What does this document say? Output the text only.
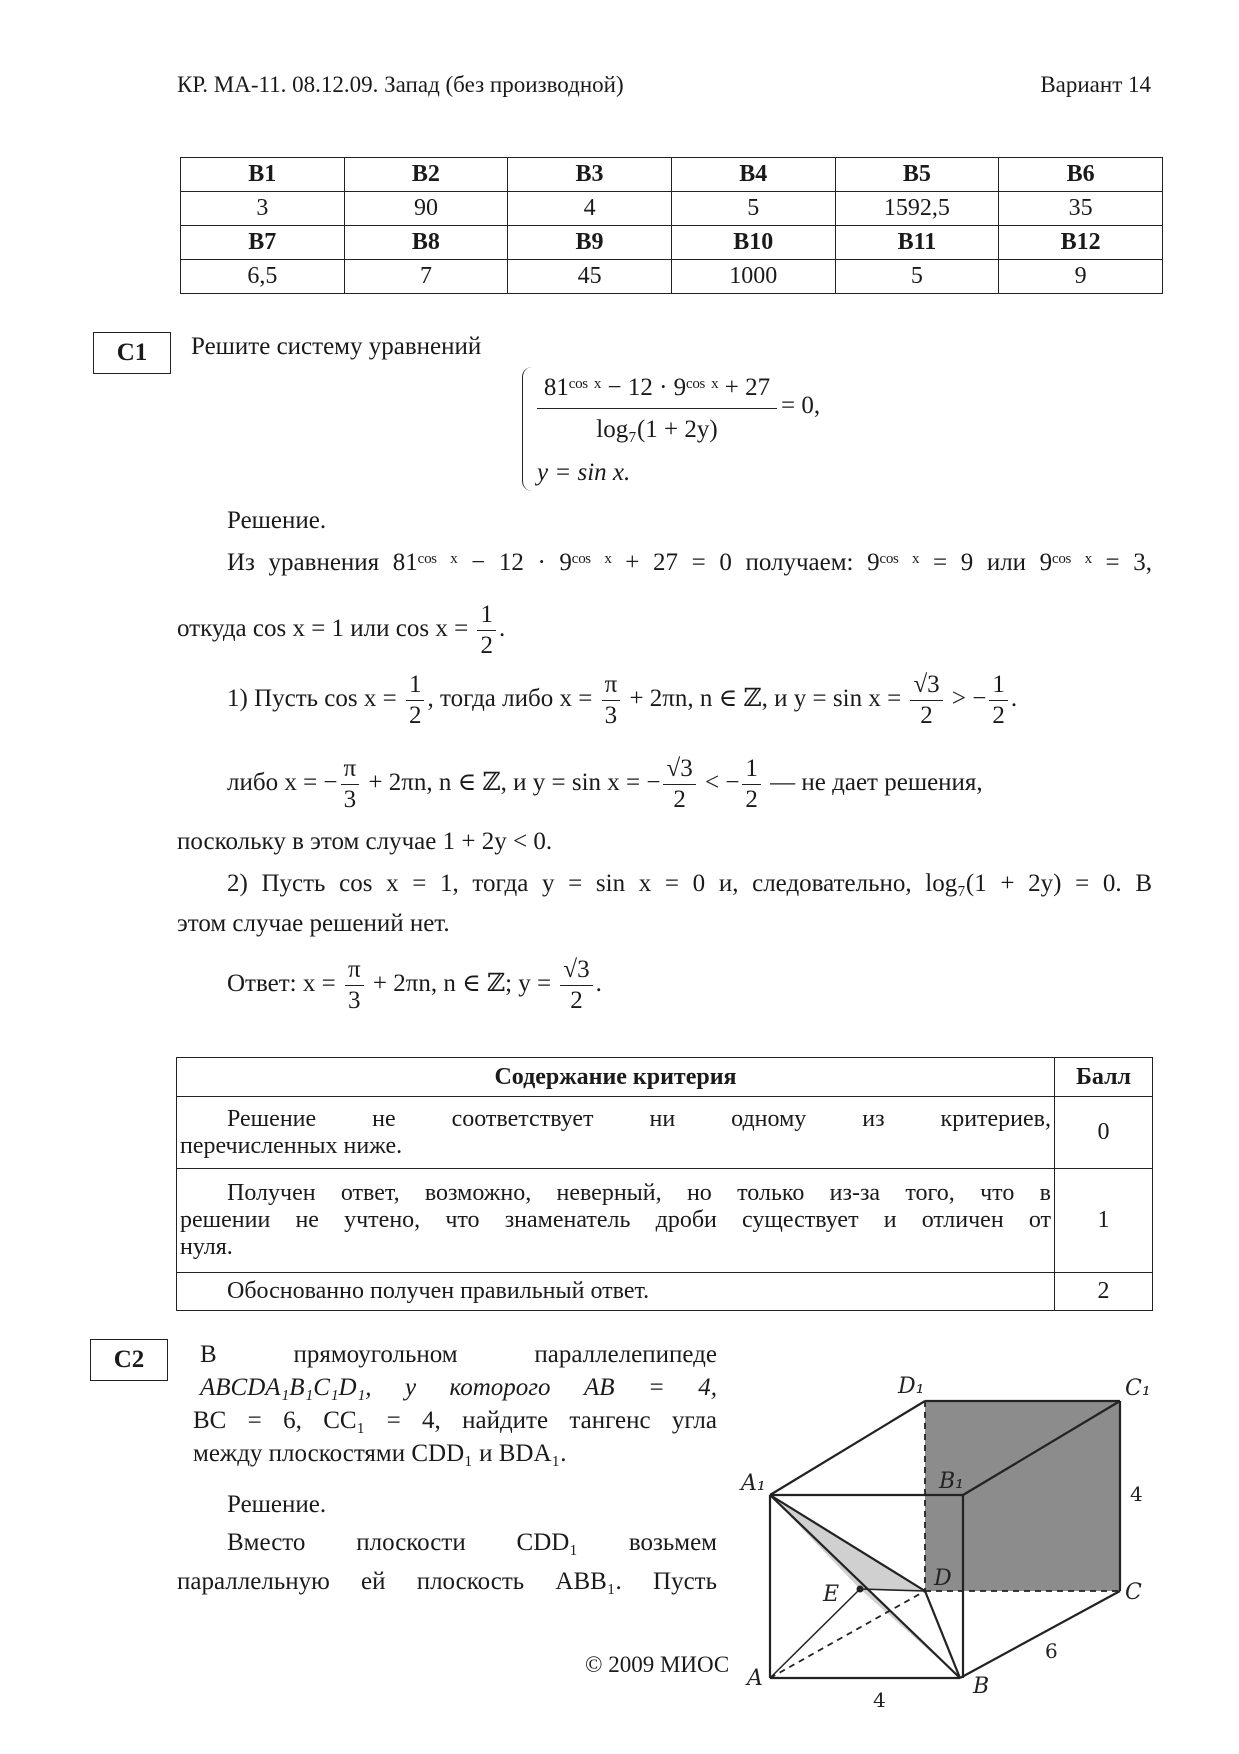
КР. МА-11. 08.12.09. Запад (без производной)	Вариант 14
B1	B2	B3	B4	B5	B6
3	90	4	5	1592,5	35
B7	B8	B9	B10	B11	B12
6,5	7	45	1000	5	9
C1	Решите систему уравнений
81ᶜᵒˢ ˣ − 12 · 9ᶜᵒˢ ˣ + 27
log₇(1 + 2y)
= 0,
y = sin x.
Решение.
Из уравнения 81ᶜᵒˢ ˣ − 12 · 9ᶜᵒˢ ˣ + 27 = 0 получаем: 9ᶜᵒˢ ˣ = 9 или 9ᶜᵒˢ ˣ = 3,
откуда cos x = 1 или $\cos x = \frac{1}{2}$ .
1) Пусть $\cos x = \frac{1}{2}$ , тогда либо $x = \frac{\pi}{3} + 2\pi n$, n ∈ ℤ, и $y = \sin x = \frac{√3}{2}$ > − $\frac{1}{2}$ .
либо x = − $\frac{\pi}{3} + 2\pi n$, n ∈ ℤ, и y = sin x = − $\frac{√3}{2}$ < − $\frac{1}{2}$ — не дает решения,
поскольку в этом случае 1 + 2y < 0.
2) Пусть cos x = 1, тогда y = sin x = 0 и, следовательно, log₇(1 + 2y) = 0. В
этом случае решений нет.
Ответ: $x = \frac{\pi}{3} + 2\pi n$, n ∈ ℤ; $y = \frac{√3}{2}$ .
Содержание критерия	Балл

Решение не соответствует ни одному из критериев,
перечисленных ниже.	0

Получен ответ, возможно, неверный, но только из-за того, что в
решении не учтено, что знаменатель дроби существует и отличен от
нуля.	1

Обоснованно получен правильный ответ.	2
C2	В прямоугольном параллелепипеде
ABCDA₁B₁C₁D₁, у которого AB = 4,
BC = 6, CC₁ = 4, найдите тангенс угла
между плоскостями CDD₁ и BDA₁.
Решение.
Вместо плоскости CDD₁ возьмем
параллельную ей плоскость ABB₁. Пусть
D₁	C₁
A₁	B₁
E
D
C
A	B
4
6
4
© 2009 МИОС
